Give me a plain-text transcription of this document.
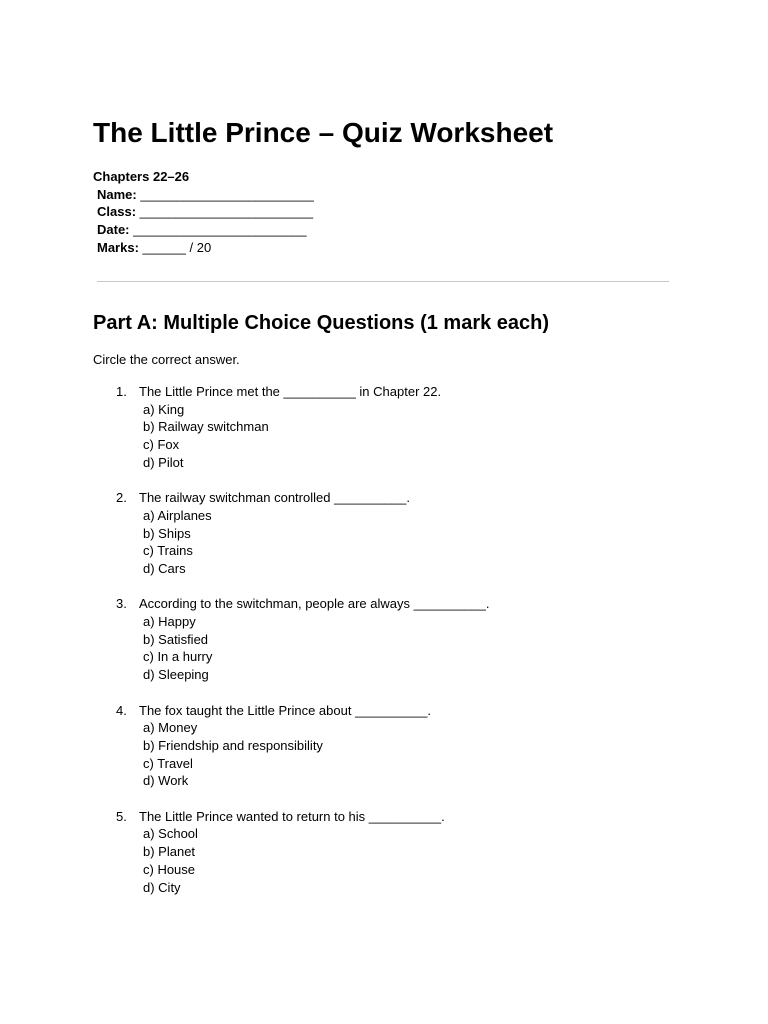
The Little Prince – Quiz Worksheet
Chapters 22–26
Name: ________________________
Class: ________________________
Date: ________________________
Marks: ______ / 20
Part A: Multiple Choice Questions (1 mark each)
Circle the correct answer.
1. The Little Prince met the __________ in Chapter 22.
a) King
b) Railway switchman
c) Fox
d) Pilot
2. The railway switchman controlled __________.
a) Airplanes
b) Ships
c) Trains
d) Cars
3. According to the switchman, people are always __________.
a) Happy
b) Satisfied
c) In a hurry
d) Sleeping
4. The fox taught the Little Prince about __________.
a) Money
b) Friendship and responsibility
c) Travel
d) Work
5. The Little Prince wanted to return to his __________.
a) School
b) Planet
c) House
d) City
